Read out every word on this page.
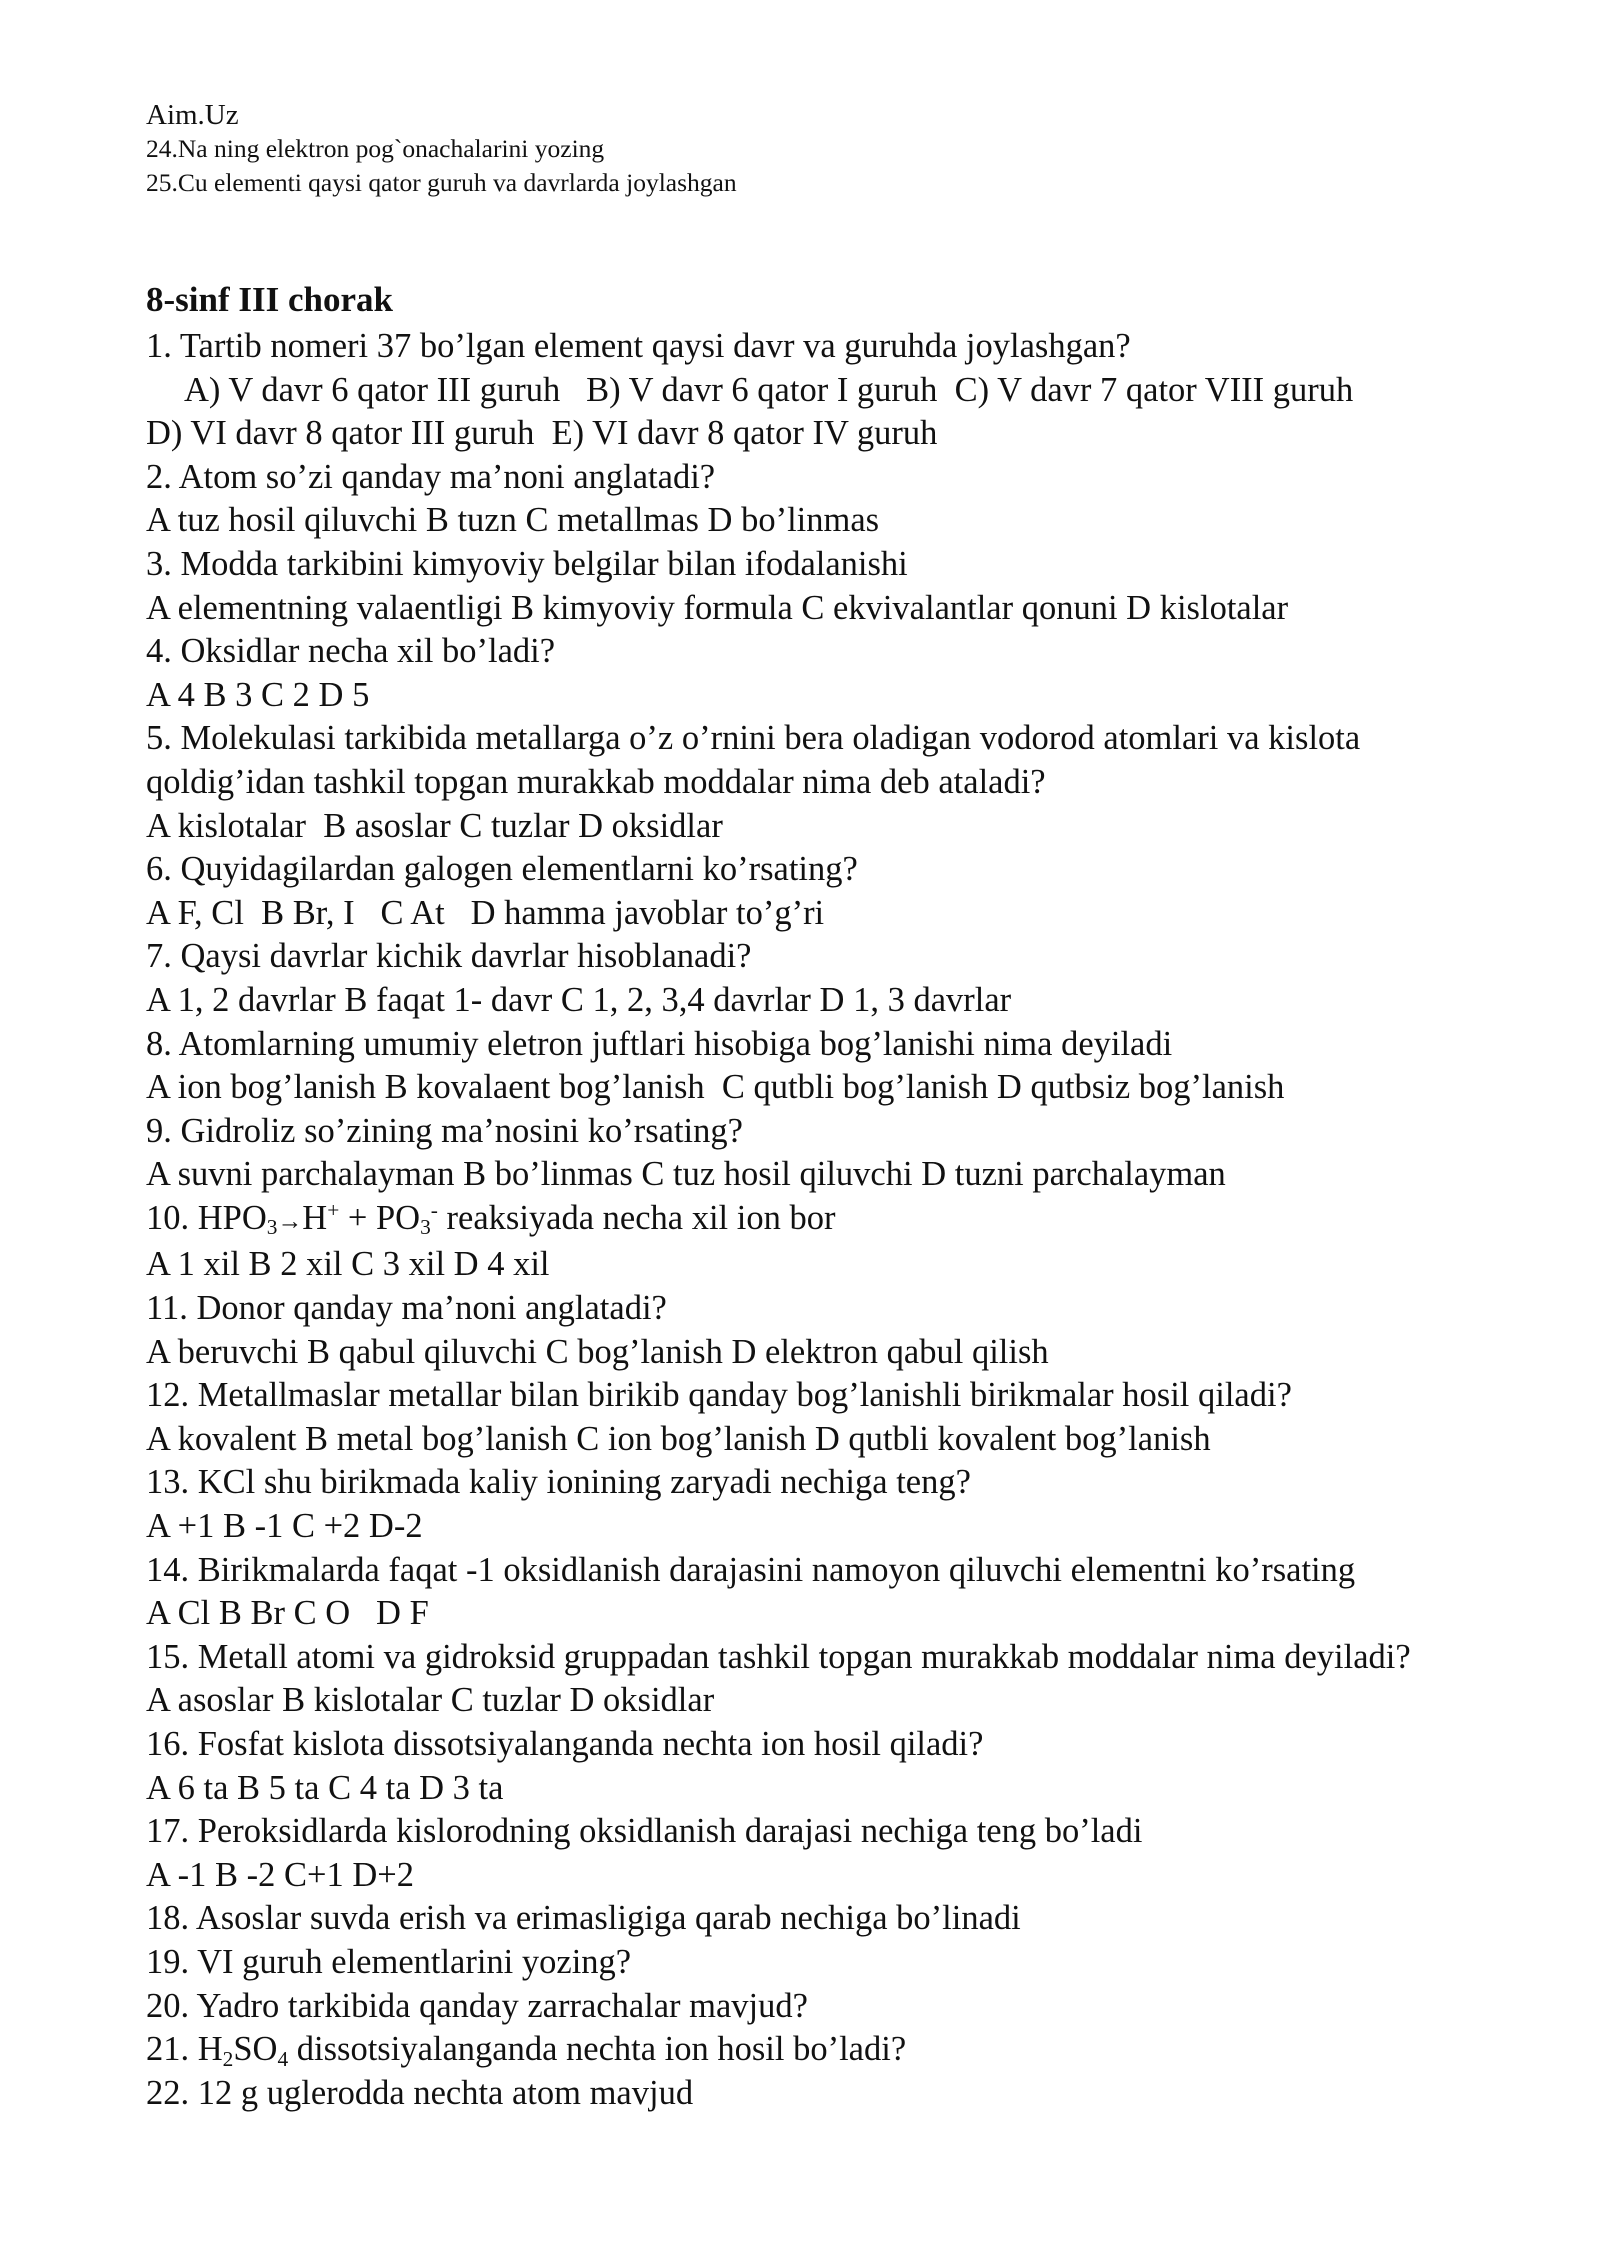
Aim.Uz
24.Na ning elektron pog`onachalarini yozing
25.Cu elementi qaysi qator guruh va davrlarda joylashgan
8-sinf III chorak
1. Tartib nomeri 37 bo’lgan element qaysi davr va guruhda joylashgan?
A) V davr 6 qator III guruh   B) V davr 6 qator I guruh  C) V davr 7 qator VIII guruh
D) VI davr 8 qator III guruh  E) VI davr 8 qator IV guruh
2. Atom so’zi qanday ma’noni anglatadi?
A tuz hosil qiluvchi B tuzn C metallmas D bo’linmas
3. Modda tarkibini kimyoviy belgilar bilan ifodalanishi
A elementning valaentligi B kimyoviy formula C ekvivalantlar qonuni D kislotalar
4. Oksidlar necha xil bo’ladi?
A 4 B 3 C 2 D 5
5. Molekulasi tarkibida metallarga o’z o’rnini bera oladigan vodorod atomlari va kislota qoldig’idan tashkil topgan murakkab moddalar nima deb ataladi?
A kislotalar  B asoslar C tuzlar D oksidlar
6. Quyidagilardan galogen elementlarni ko’rsating?
A F, Cl  B Br, I   C At   D hamma javoblar to’g’ri
7. Qaysi davrlar kichik davrlar hisoblanadi?
A 1, 2 davrlar B faqat 1- davr C 1, 2, 3,4 davrlar D 1, 3 davrlar
8. Atomlarning umumiy eletron juftlari hisobiga bog’lanishi nima deyiladi
A ion bog’lanish B kovalaent bog’lanish  C qutbli bog’lanish D qutbsiz bog’lanish
9. Gidroliz so’zining ma’nosini ko’rsating?
A suvni parchalayman B bo’linmas C tuz hosil qiluvchi D tuzni parchalayman
10. $HPO_3\to H^+ + PO_3^-$ reaksiyada necha xil ion bor
A 1 xil B 2 xil C 3 xil D 4 xil
11. Donor qanday ma’noni anglatadi?
A beruvchi B qabul qiluvchi C bog’lanish D elektron qabul qilish
12. Metallmaslar metallar bilan birikib qanday bog’lanishli birikmalar hosil qiladi?
A kovalent B metal bog’lanish C ion bog’lanish D qutbli kovalent bog’lanish
13. KCl shu birikmada kaliy ionining zaryadi nechiga teng?
A +1 B -1 C +2 D-2
14. Birikmalarda faqat -1 oksidlanish darajasini namoyon qiluvchi elementni ko’rsating
A Cl B Br C O   D F
15. Metall atomi va gidroksid gruppadan tashkil topgan murakkab moddalar nima deyiladi?
A asoslar B kislotalar C tuzlar D oksidlar
16. Fosfat kislota dissotsiyalanganda nechta ion hosil qiladi?
A 6 ta B 5 ta C 4 ta D 3 ta
17. Peroksidlarda kislorodning oksidlanish darajasi nechiga teng bo’ladi
A -1 B -2 C+1 D+2
18. Asoslar suvda erish va erimasligiga qarab nechiga bo’linadi
19. VI guruh elementlarini yozing?
20. Yadro tarkibida qanday zarrachalar mavjud?
21. $H_2SO_4$ dissotsiyalanganda nechta ion hosil bo’ladi?
22. 12 g uglerodda nechta atom mavjud
